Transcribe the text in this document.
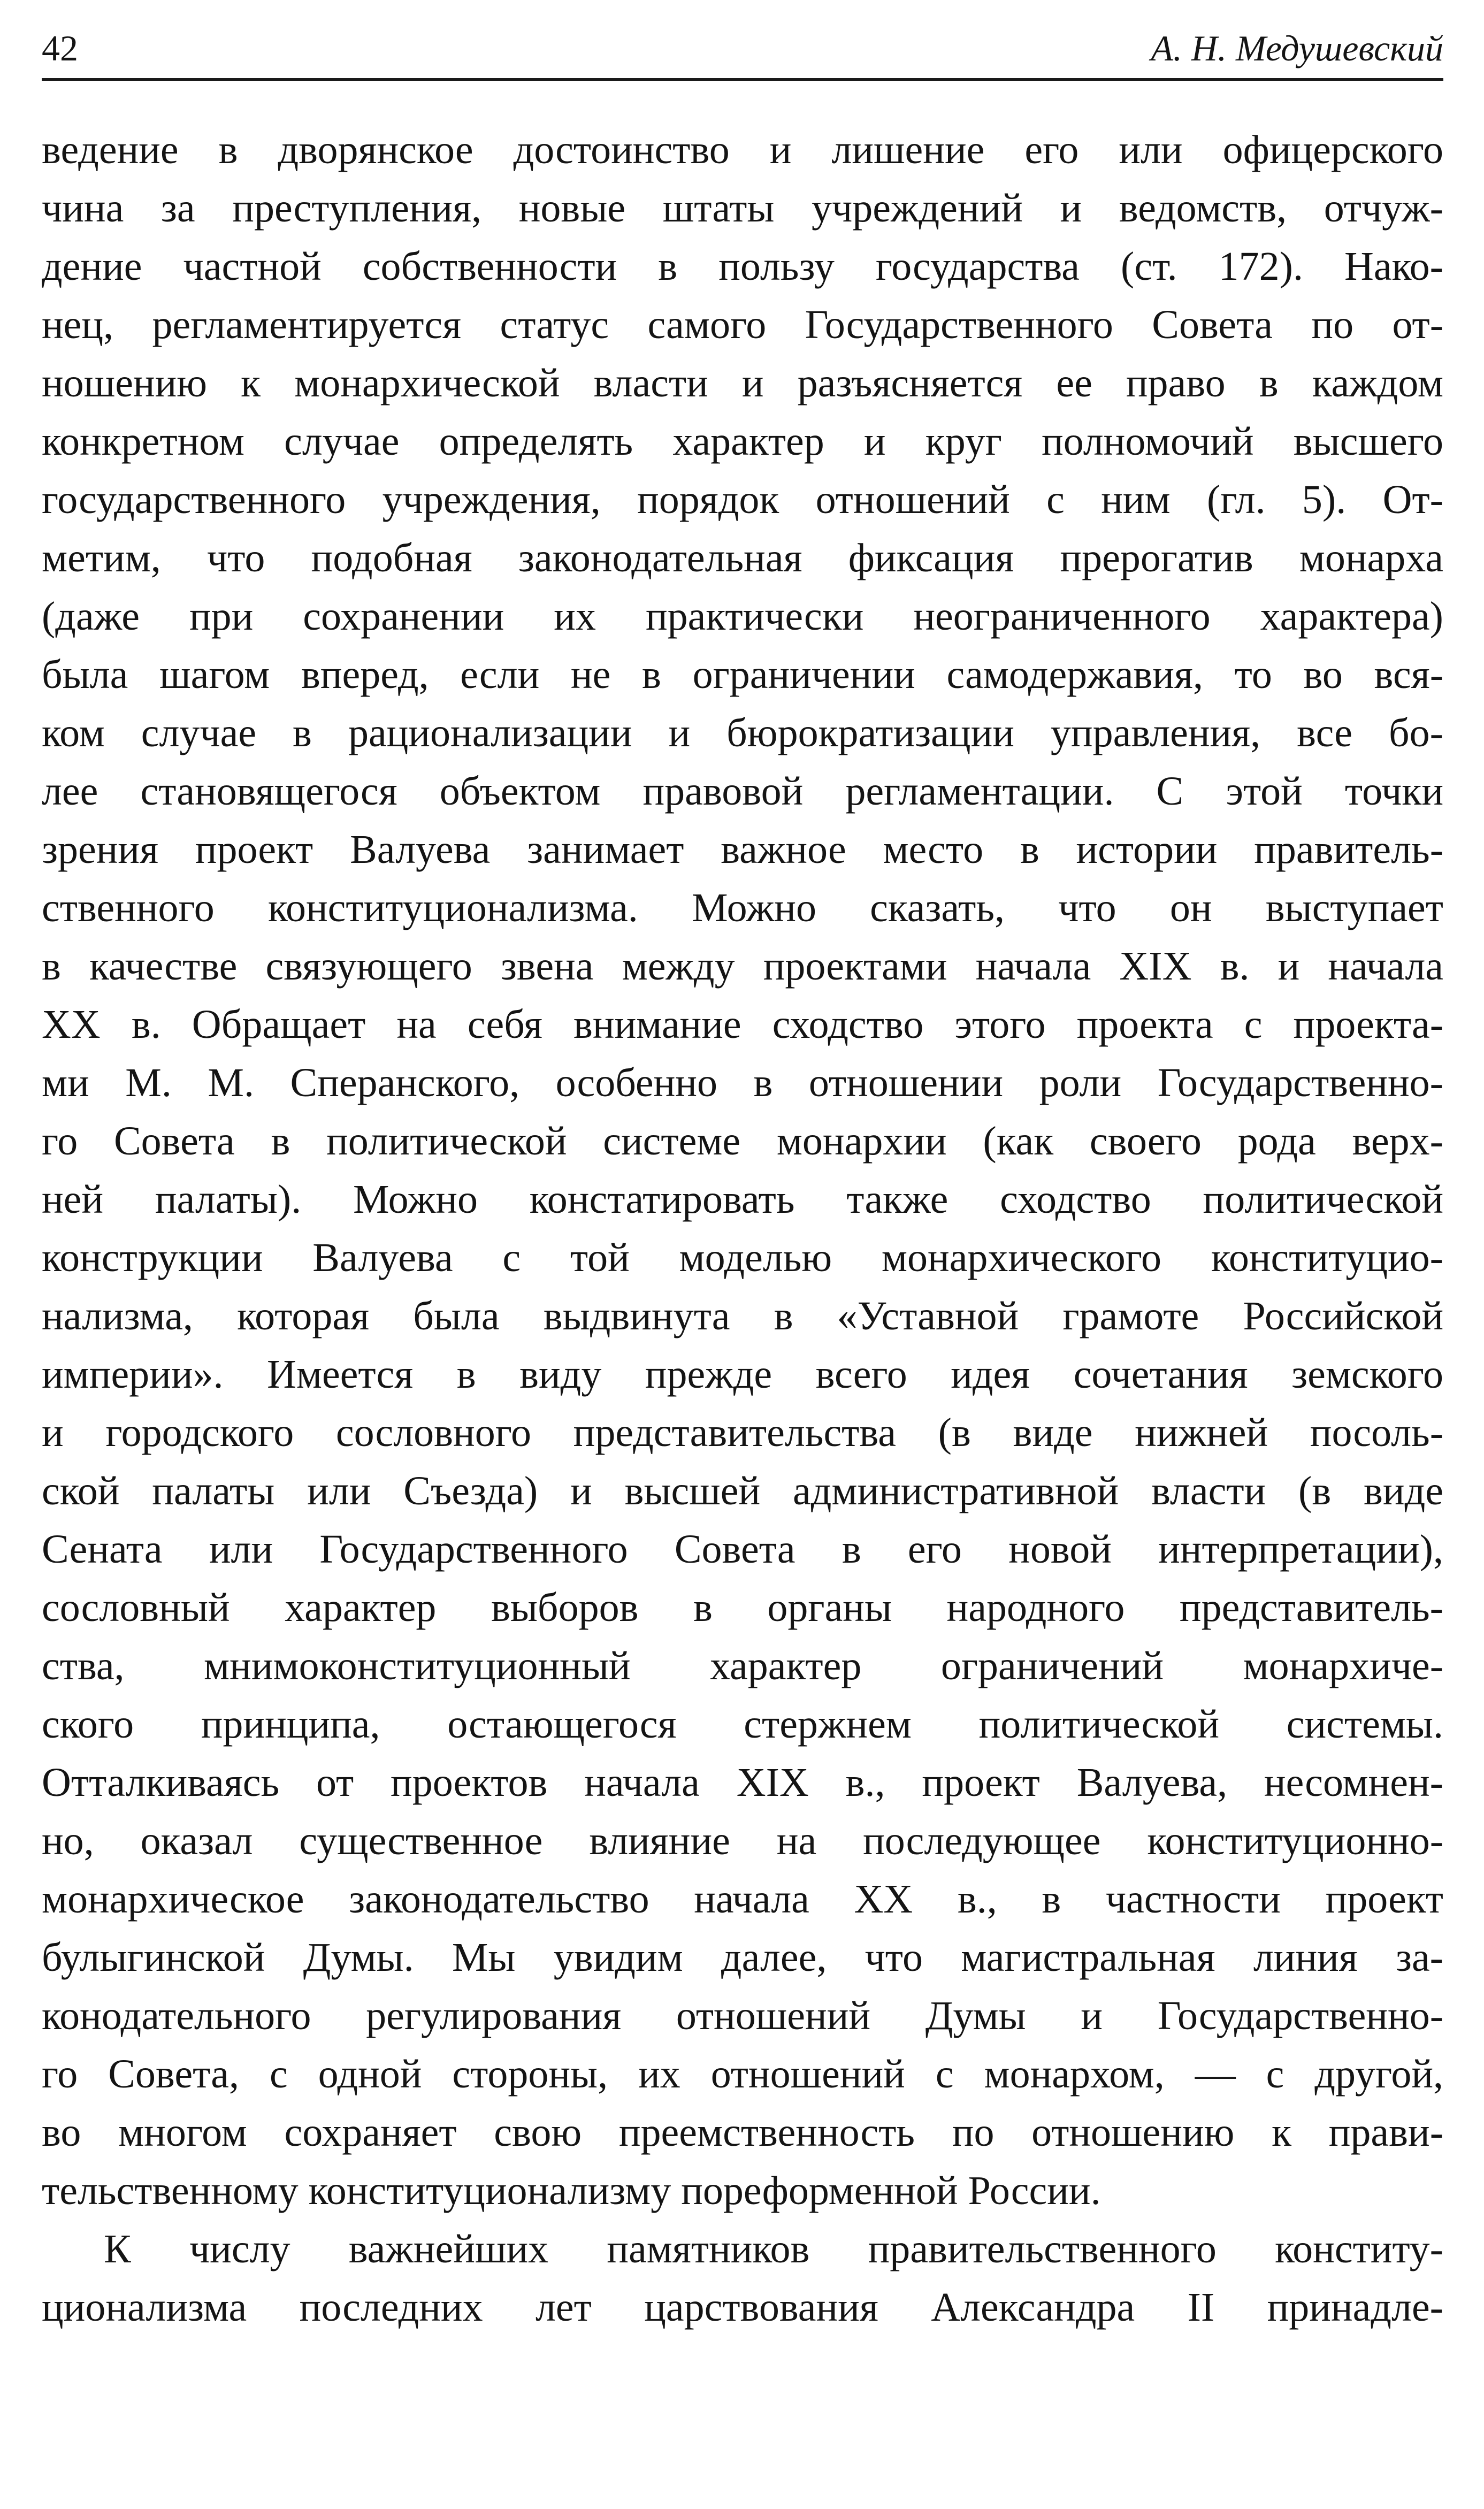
42	А. Н. Медушевский
ведение в дворянское достоинство и лишение его или офицерского
чина за преступления, новые штаты учреждений и ведомств, отчуж-
дение частной собственности в пользу государства (ст. 172). Нако-
нец, регламентируется статус самого Государственного Совета по от-
ношению к монархической власти и разъясняется ее право в каждом
конкретном случае определять характер и круг полномочий высшего
государственного учреждения, порядок отношений с ним (гл. 5). От-
метим, что подобная законодательная фиксация прерогатив монарха
(даже при сохранении их практически неограниченного характера)
была шагом вперед, если не в ограничении самодержавия, то во вся-
ком случае в рационализации и бюрократизации управления, все бо-
лее становящегося объектом правовой регламентации. С этой точки
зрения проект Валуева занимает важное место в истории правитель-
ственного конституционализма. Можно сказать, что он выступает
в качестве связующего звена между проектами начала XIX в. и начала
XX в. Обращает на себя внимание сходство этого проекта с проекта-
ми М. М. Сперанского, особенно в отношении роли Государственно-
го Совета в политической системе монархии (как своего рода верх-
ней палаты). Можно констатировать также сходство политической
конструкции Валуева с той моделью монархического конституцио-
нализма, которая была выдвинута в «Уставной грамоте Российской
империи». Имеется в виду прежде всего идея сочетания земского
и городского сословного представительства (в виде нижней посоль-
ской палаты или Съезда) и высшей административной власти (в виде
Сената или Государственного Совета в его новой интерпретации),
сословный характер выборов в органы народного представитель-
ства, мнимоконституционный характер ограничений монархиче-
ского принципа, остающегося стержнем политической системы.
Отталкиваясь от проектов начала XIX в., проект Валуева, несомнен-
но, оказал существенное влияние на последующее конституционно-
монархическое законодательство начала XX в., в частности проект
булыгинской Думы. Мы увидим далее, что магистральная линия за-
конодательного регулирования отношений Думы и Государственно-
го Совета, с одной стороны, их отношений с монархом, — с другой,
во многом сохраняет свою преемственность по отношению к прави-
тельственному конституционализму пореформенной России.
К числу важнейших памятников правительственного конститу-
ционализма последних лет царствования Александра II принадле-
